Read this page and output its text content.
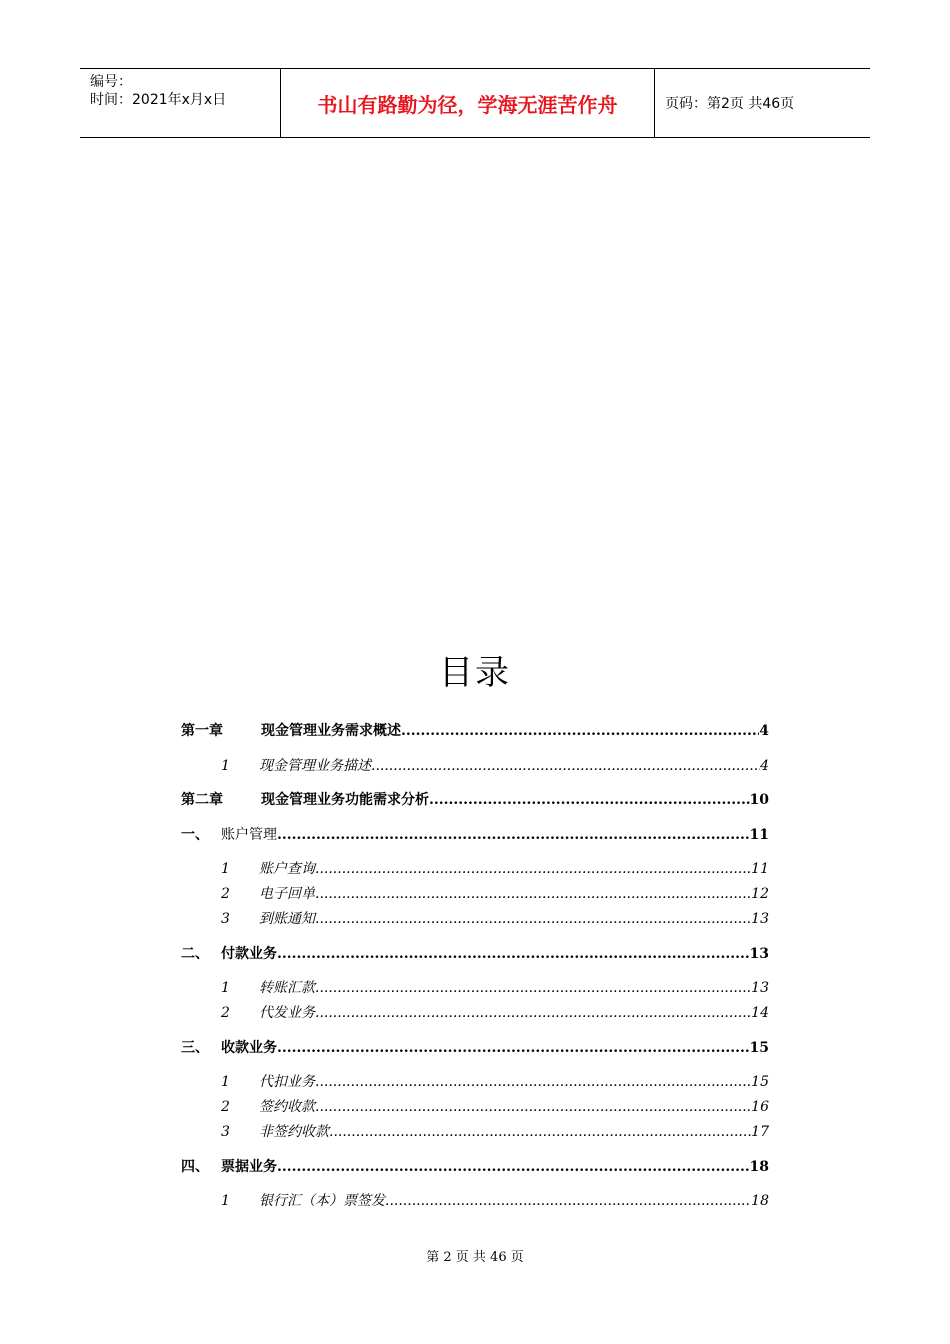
编号：
时间：2021年x月x日	书山有路勤为径，学海无涯苦作舟	页码：第2页 共46页
目录
第一章	现金管理业务需求概述 .....	4
1	现金管理业务描述 .....	4
第二章	现金管理业务功能需求分析 .....	10
一、 账户管理 .....	11
1	账户查询 .....	11
2	电子回单 .....	12
3	到账通知 .....	13
二、 付款业务 .....	13
1	转账汇款 .....	13
2	代发业务 .....	14
三、 收款业务 .....	15
1	代扣业务 .....	15
2	签约收款 .....	16
3	非签约收款 .....	17
四、 票据业务 .....	18
1	银行汇（本）票签发 .....	18
第 2 页 共 46 页
